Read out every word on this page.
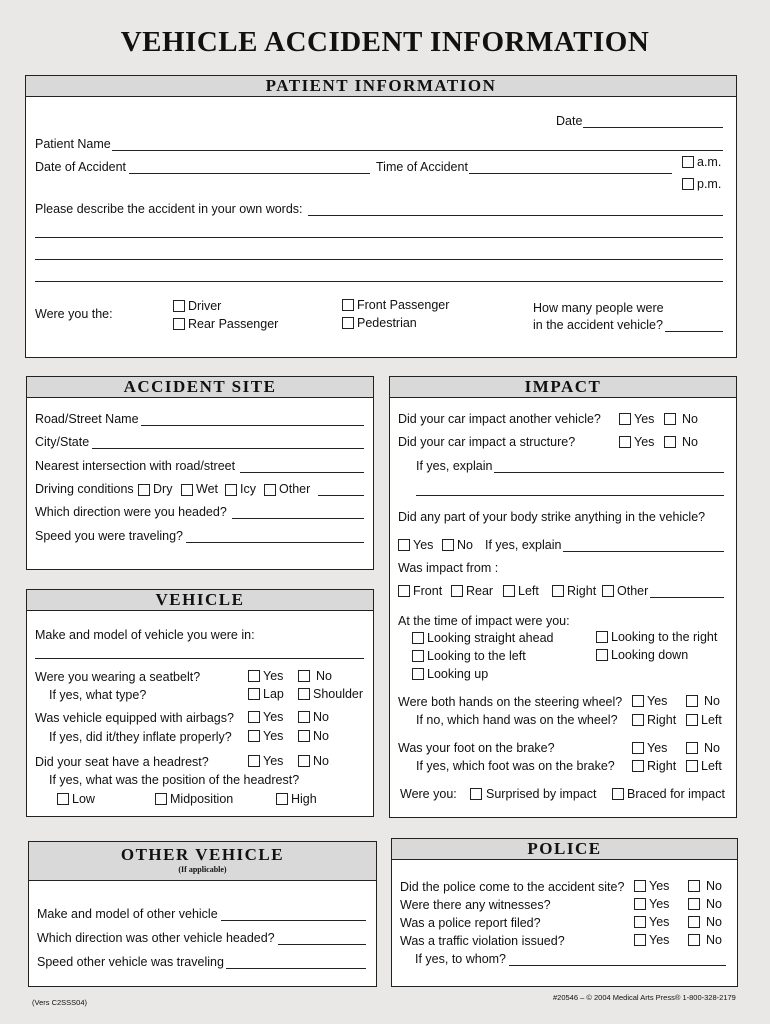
VEHICLE ACCIDENT INFORMATION
PATIENT INFORMATION
Date
Patient Name
Date of Accident	Time of Accident	a.m.
p.m.
Please describe the accident in your own words:
Were you the:
Driver
Rear Passenger
Front Passenger
Pedestrian
How many people were
in the accident vehicle?
ACCIDENT SITE
Road/Street Name
City/State
Nearest intersection with road/street
Driving conditions Dry Wet Icy Other
Which direction were you headed?
Speed you were traveling?
VEHICLE
Make and model of vehicle you were in:
Were you wearing a seatbelt?	Yes	No
If yes, what type?	Lap Shoulder
Was vehicle equipped with airbags? Yes No
If yes, did it/they inflate properly?	Yes No
Did your seat have a headrest?	Yes No
If yes, what was the position of the headrest?
Low	Midposition	High
IMPACT
Did your car impact another vehicle?	Yes No
Did your car impact a structure?	Yes No
If yes, explain
Did any part of your body strike anything in the vehicle?
Yes No If yes, explain
Was impact from :
Front Rear Left Right Other
At the time of impact were you:
Looking straight ahead
Looking to the left
Looking up
Looking to the right
Looking down
Were both hands on the steering wheel? Yes	No
If no, which hand was on the wheel? Right Left
Was your foot on the brake?	Yes	No
If yes, which foot was on the brake?	Right Left
Were you: Surprised by impact Braced for impact
OTHER VEHICLE
(If applicable)
Make and model of other vehicle
Which direction was other vehicle headed?
Speed other vehicle was traveling
POLICE
Did the police come to the accident site? Yes	No
Were there any witnesses?	Yes	No
Was a police report filed?	Yes	No
Was a traffic violation issued?	Yes	No
If yes, to whom?
(Vers C2SSS04)
#20546 – © 2004 Medical Arts Press® 1-800-328-2179
